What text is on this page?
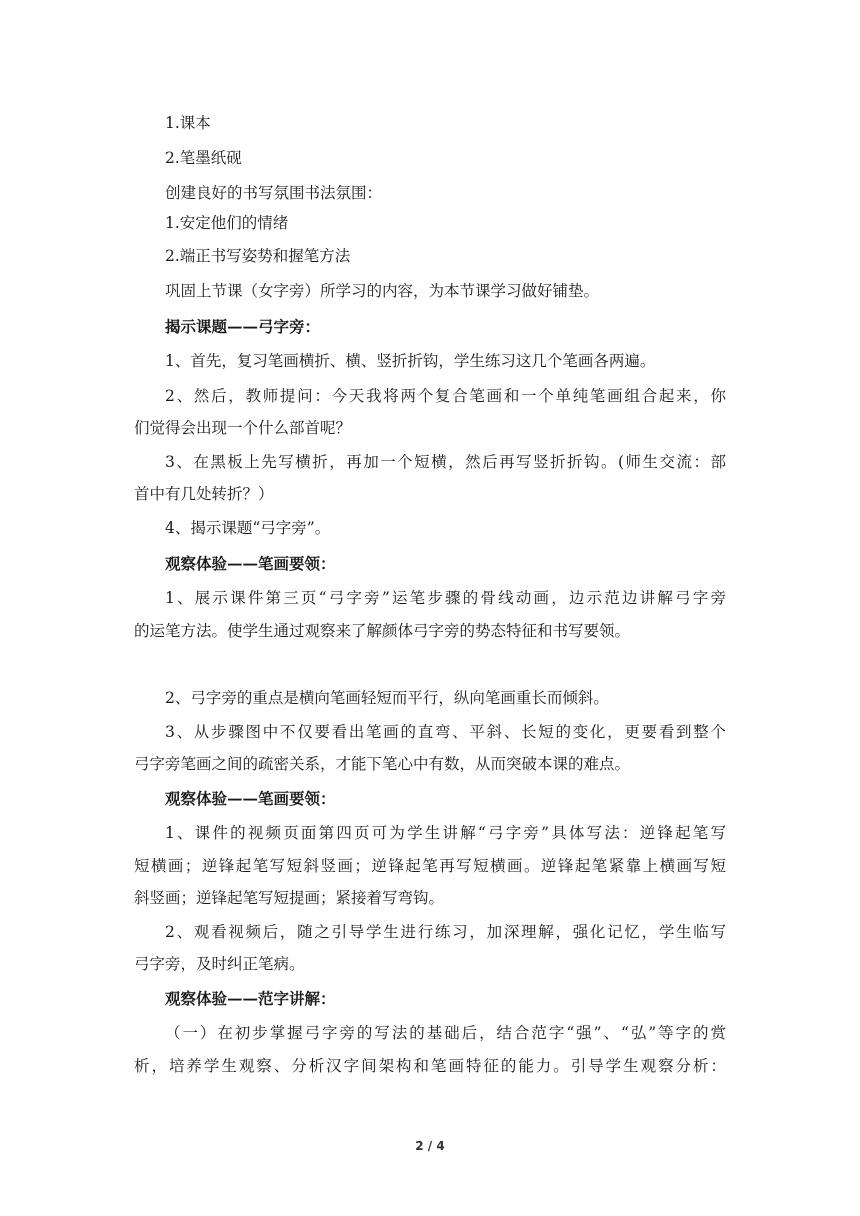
1.课本
2.笔墨纸砚
创建良好的书写氛围书法氛围：
1.安定他们的情绪
2.端正书写姿势和握笔方法
巩固上节课（女字旁）所学习的内容，为本节课学习做好铺垫。
揭示课题——弓字旁：
1、首先，复习笔画横折、横、竖折折钩，学生练习这几个笔画各两遍。
2、然后，教师提问：今天我将两个复合笔画和一个单纯笔画组合起来，你
们觉得会出现一个什么部首呢？
3、在黑板上先写横折，再加一个短横，然后再写竖折折钩。(师生交流：部
首中有几处转折？）
4、揭示课题“弓字旁”。
观察体验——笔画要领：
1、展示课件第三页“弓字旁”运笔步骤的骨线动画，边示范边讲解弓字旁
的运笔方法。使学生通过观察来了解颜体弓字旁的势态特征和书写要领。
2、弓字旁的重点是横向笔画轻短而平行，纵向笔画重长而倾斜。
3、从步骤图中不仅要看出笔画的直弯、平斜、长短的变化，更要看到整个
弓字旁笔画之间的疏密关系，才能下笔心中有数，从而突破本课的难点。
观察体验——笔画要领：
1、课件的视频页面第四页可为学生讲解“弓字旁”具体写法：逆锋起笔写
短横画；逆锋起笔写短斜竖画；逆锋起笔再写短横画。逆锋起笔紧靠上横画写短
斜竖画；逆锋起笔写短提画；紧接着写弯钩。
2、观看视频后，随之引导学生进行练习，加深理解，强化记忆，学生临写
弓字旁，及时纠正笔病。
观察体验——范字讲解：
（一）在初步掌握弓字旁的写法的基础后，结合范字“强”、“弘”等字的赏
析，培养学生观察、分析汉字间架构和笔画特征的能力。引导学生观察分析：
2 / 4
